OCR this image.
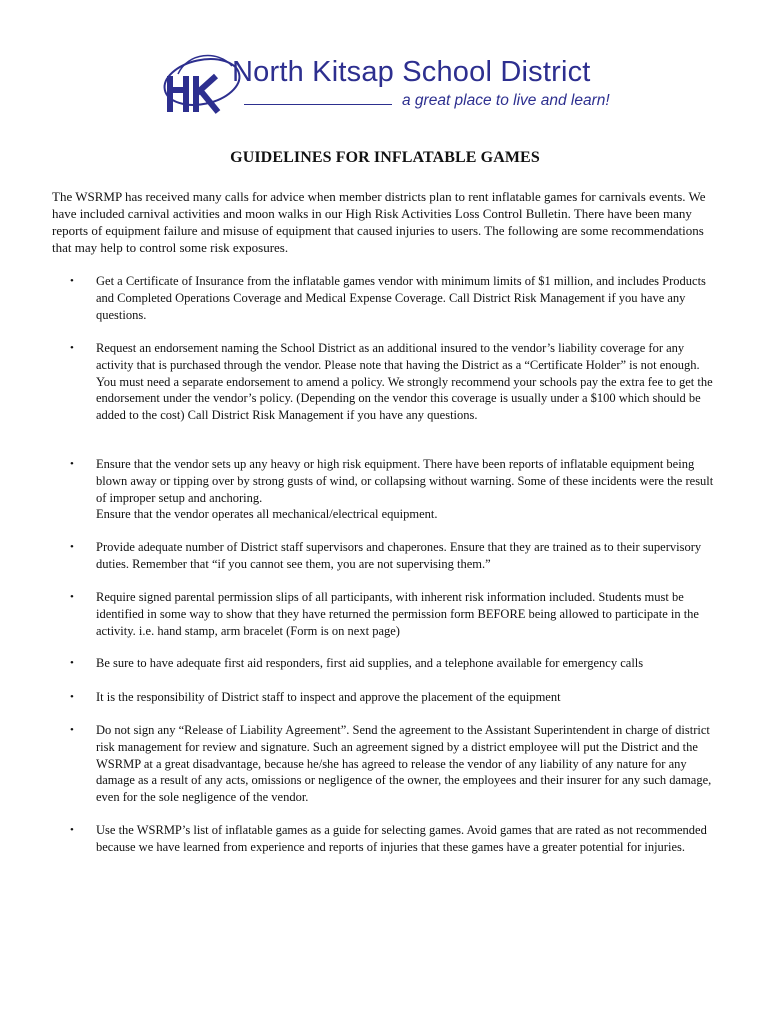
North Kitsap School District
a great place to live and learn!
GUIDELINES FOR INFLATABLE GAMES

The WSRMP has received many calls for advice when member districts plan to rent inflatable games for carnivals events. We have included carnival activities and moon walks in our High Risk Activities Loss Control Bulletin. There have been many reports of equipment failure and misuse of equipment that caused injuries to users. The following are some recommendations that may help to control some risk exposures.

• Get a Certificate of Insurance from the inflatable games vendor with minimum limits of $1 million, and includes Products and Completed Operations Coverage and Medical Expense Coverage. Call District Risk Management if you have any questions.
• Request an endorsement naming the School District as an additional insured to the vendor’s liability coverage for any activity that is purchased through the vendor. Please note that having the District as a “Certificate Holder” is not enough. You must need a separate endorsement to amend a policy. We strongly recommend your schools pay the extra fee to get the endorsement under the vendor’s policy. (Depending on the vendor this coverage is usually under a $100 which should be added to the cost) Call District Risk Management if you have any questions.
• Ensure that the vendor sets up any heavy or high risk equipment. There have been reports of inflatable equipment being blown away or tipping over by strong gusts of wind, or collapsing without warning. Some of these incidents were the result of improper setup and anchoring.
Ensure that the vendor operates all mechanical/electrical equipment.
• Provide adequate number of District staff supervisors and chaperones. Ensure that they are trained as to their supervisory duties. Remember that “if you cannot see them, you are not supervising them.”
• Require signed parental permission slips of all participants, with inherent risk information included. Students must be identified in some way to show that they have returned the permission form BEFORE being allowed to participate in the activity. i.e. hand stamp, arm bracelet (Form is on next page)
• Be sure to have adequate first aid responders, first aid supplies, and a telephone available for emergency calls
• It is the responsibility of District staff to inspect and approve the placement of the equipment
• Do not sign any “Release of Liability Agreement”. Send the agreement to the Assistant Superintendent in charge of district risk management for review and signature. Such an agreement signed by a district employee will put the District and the WSRMP at a great disadvantage, because he/she has agreed to release the vendor of any liability of any nature for any damage as a result of any acts, omissions or negligence of the owner, the employees and their insurer for any such damage, even for the sole negligence of the vendor.
• Use the WSRMP’s list of inflatable games as a guide for selecting games. Avoid games that are rated as not recommended because we have learned from experience and reports of injuries that these games have a greater potential for injuries.
